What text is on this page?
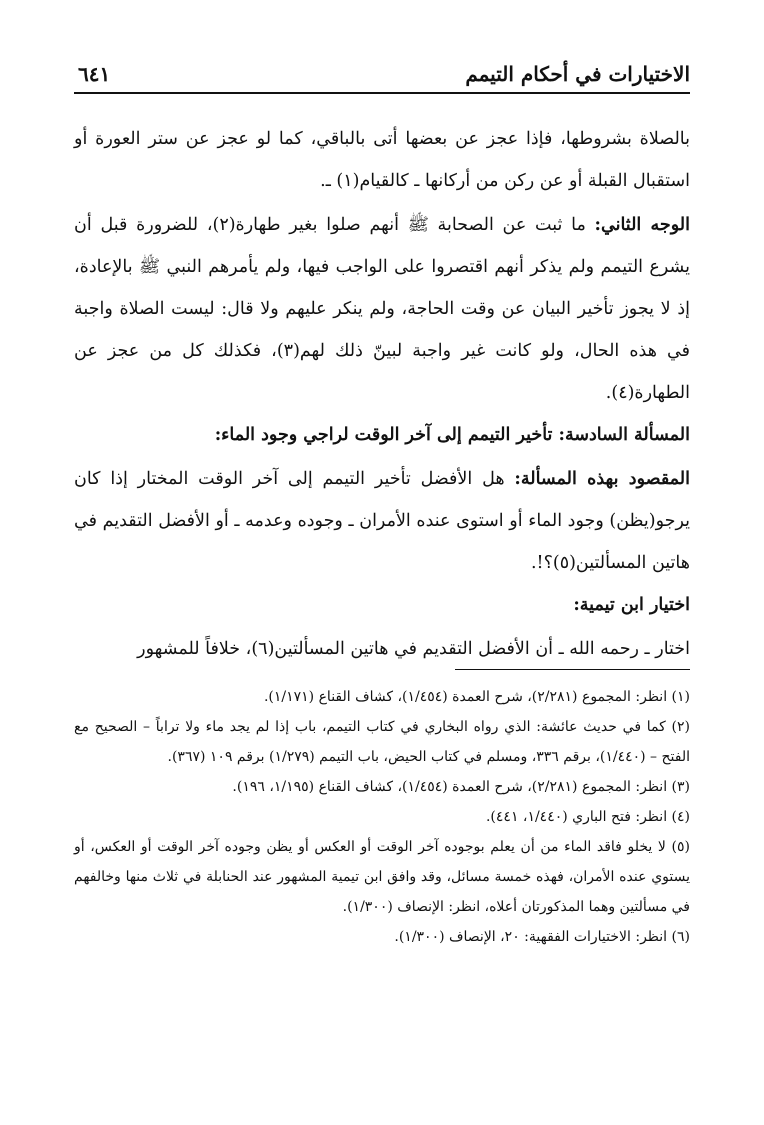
الاختيارات في أحكام التيمم
٦٤١

بالصلاة بشروطها، فإذا عجز عن بعضها أتى بالباقي، كما لو عجز عن ستر العورة أو استقبال القبلة أو عن ركن من أركانها ـ كالقيام(١) ـ.

الوجه الثاني: ما ثبت عن الصحابة ﷺ أنهم صلوا بغير طهارة(٢)، للضرورة قبل أن يشرع التيمم ولم يذكر أنهم اقتصروا على الواجب فيها، ولم يأمرهم النبي ﷺ بالإعادة، إذ لا يجوز تأخير البيان عن وقت الحاجة، ولم ينكر عليهم ولا قال: ليست الصلاة واجبة في هذه الحال، ولو كانت غير واجبة لبينّ ذلك لهم(٣)، فكذلك كل من عجز عن الطهارة(٤).

المسألة السادسة: تأخير التيمم إلى آخر الوقت لراجي وجود الماء:

المقصود بهذه المسألة: هل الأفضل تأخير التيمم إلى آخر الوقت المختار إذا كان يرجو(يظن) وجود الماء أو استوى عنده الأمران ـ وجوده وعدمه ـ أو الأفضل التقديم في هاتين المسألتين(٥)؟!.

اختيار ابن تيمية:

اختار ـ رحمه الله ـ أن الأفضل التقديم في هاتين المسألتين(٦)، خلافاً للمشهور

(١) انظر: المجموع (٢/٢٨١)، شرح العمدة (١/٤٥٤)، كشاف القناع (١/١٧١).

(٢) كما في حديث عائشة: الذي رواه البخاري في كتاب التيمم، باب إذا لم يجد ماء ولا تراباً – الصحيح مع الفتح – (١/٤٤٠)، برقم ٣٣٦، ومسلم في كتاب الحيض، باب التيمم (١/٢٧٩) برقم ١٠٩ (٣٦٧).

(٣) انظر: المجموع (٢/٢٨١)، شرح العمدة (١/٤٥٤)، كشاف القناع (١/١٩٥، ١٩٦).

(٤) انظر: فتح الباري (١/٤٤٠، ٤٤١).

(٥) لا يخلو فاقد الماء من أن يعلم بوجوده آخر الوقت أو العكس أو يظن وجوده آخر الوقت أو العكس، أو يستوي عنده الأمران، فهذه خمسة مسائل، وقد وافق ابن تيمية المشهور عند الحنابلة في ثلاث منها وخالفهم في مسألتين وهما المذكورتان أعلاه، انظر: الإنصاف (١/٣٠٠).

(٦) انظر: الاختيارات الفقهية: ٢٠، الإنصاف (١/٣٠٠).
